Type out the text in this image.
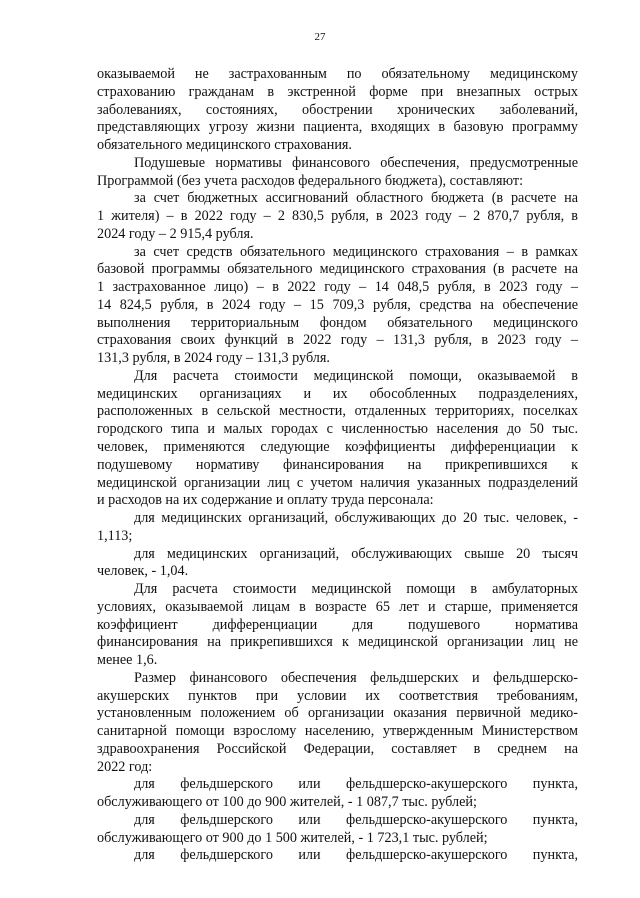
27
оказываемой не застрахованным по обязательному медицинскому
страхованию гражданам в экстренной форме при внезапных острых
заболеваниях, состояниях, обострении хронических заболеваний,
представляющих угрозу жизни пациента, входящих в базовую программу
обязательного медицинского страхования.
Подушевые нормативы финансового обеспечения, предусмотренные
Программой (без учета расходов федерального бюджета), составляют:
за счет бюджетных ассигнований областного бюджета (в расчете на
1 жителя) – в 2022 году – 2 830,5 рубля, в 2023 году – 2 870,7 рубля, в
2024 году – 2 915,4 рубля.
за счет средств обязательного медицинского страхования – в рамках
базовой программы обязательного медицинского страхования (в расчете на
1 застрахованное лицо) – в 2022 году – 14 048,5 рубля, в 2023 году –
14 824,5 рубля, в 2024 году – 15 709,3 рубля, средства на обеспечение
выполнения территориальным фондом обязательного медицинского
страхования своих функций в 2022 году – 131,3 рубля, в 2023 году –
131,3 рубля, в 2024 году – 131,3 рубля.
Для расчета стоимости медицинской помощи, оказываемой в
медицинских организациях и их обособленных подразделениях,
расположенных в сельской местности, отдаленных территориях, поселках
городского типа и малых городах с численностью населения до 50 тыс.
человек, применяются следующие коэффициенты дифференциации к
подушевому нормативу финансирования на прикрепившихся к
медицинской организации лиц с учетом наличия указанных подразделений
и расходов на их содержание и оплату труда персонала:
для медицинских организаций, обслуживающих до 20 тыс. человек, -
1,113;
для медицинских организаций, обслуживающих свыше 20 тысяч
человек, - 1,04.
Для расчета стоимости медицинской помощи в амбулаторных
условиях, оказываемой лицам в возрасте 65 лет и старше, применяется
коэффициент дифференциации для подушевого норматива
финансирования на прикрепившихся к медицинской организации лиц не
менее 1,6.
Размер финансового обеспечения фельдшерских и фельдшерско-
акушерских пунктов при условии их соответствия требованиям,
установленным положением об организации оказания первичной медико-
санитарной помощи взрослому населению, утвержденным Министерством
здравоохранения Российской Федерации, составляет в среднем на
2022 год:
для фельдшерского или фельдшерско-акушерского пункта,
обслуживающего от 100 до 900 жителей, - 1 087,7 тыс. рублей;
для фельдшерского или фельдшерско-акушерского пункта,
обслуживающего от 900 до 1 500 жителей, - 1 723,1 тыс. рублей;
для фельдшерского или фельдшерско-акушерского пункта,
